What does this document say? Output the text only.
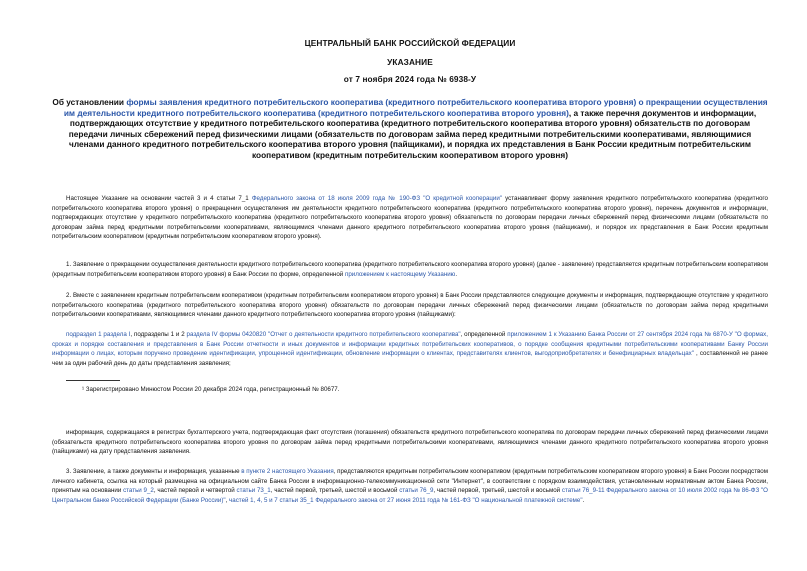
ЦЕНТРАЛЬНЫЙ БАНК РОССИЙСКОЙ ФЕДЕРАЦИИ
УКАЗАНИЕ
от 7 ноября 2024 года № 6938-У
Об установлении формы заявления кредитного потребительского кооператива (кредитного потребительского кооператива второго уровня) о прекращении осуществления им деятельности кредитного потребительского кооператива (кредитного потребительского кооператива второго уровня), а также перечня документов и информации, подтверждающих отсутствие у кредитного потребительского кооператива (кредитного потребительского кооператива второго уровня) обязательств по договорам передачи личных сбережений перед физическими лицами (обязательств по договорам займа перед кредитными потребительскими кооперативами, являющимися членами данного кредитного потребительского кооператива второго уровня (пайщиками), и порядка их представления в Банк России кредитным потребительским кооперативом (кредитным потребительским кооперативом второго уровня)
Настоящее Указание на основании частей 3 и 4 статьи 7_1 Федерального закона от 18 июля 2009 года № 190-ФЗ "О кредитной кооперации" устанавливает форму заявления кредитного потребительского кооператива (кредитного потребительского кооператива второго уровня) о прекращении осуществления им деятельности кредитного потребительского кооператива (кредитного потребительского кооператива второго уровня), перечень документов и информации, подтверждающих отсутствие у кредитного потребительского кооператива (кредитного потребительского кооператива второго уровня) обязательств по договорам передачи личных сбережений перед физическими лицами (обязательств по договорам займа перед кредитными потребительскими кооперативами, являющимися членами данного кредитного потребительского кооператива второго уровня (пайщиками), и порядок их представления в Банк России кредитным потребительским кооперативом (кредитным потребительским кооперативом второго уровня).
1. Заявление о прекращении осуществления деятельности кредитного потребительского кооператива (кредитного потребительского кооператива второго уровня) (далее - заявление) представляется кредитным потребительским кооперативом (кредитным потребительским кооперативом второго уровня) в Банк России по форме, определенной приложением к настоящему Указанию.
2. Вместе с заявлением кредитным потребительским кооперативом (кредитным потребительским кооперативом второго уровня) в Банк России представляются следующие документы и информация, подтверждающие отсутствие у кредитного потребительского кооператива (кредитного потребительского кооператива второго уровня) обязательств по договорам передачи личных сбережений перед физическими лицами (обязательств по договорам займа перед кредитными потребительскими кооперативами, являющимися членами данного кредитного потребительского кооператива второго уровня (пайщиками):
подраздел 1 раздела I, подразделы 1 и 2 раздела IV формы 0420820 "Отчет о деятельности кредитного потребительского кооператива", определенной приложением 1 к Указанию Банка России от 27 сентября 2024 года № 6870-У "О формах, сроках и порядке составления и представления в Банк России отчетности и иных документов и информации кредитных потребительских кооперативов, о порядке сообщения кредитными потребительскими кооперативами Банку России информации о лицах, которым поручено проведение идентификации, упрощенной идентификации, обновление информации о клиентах, представителях клиентов, выгодоприобретателях и бенефициарных владельцах" , составленной не ранее чем за один рабочий день до даты представления заявления;
¹ Зарегистрировано Минюстом России 20 декабря 2024 года, регистрационный № 80677.
информация, содержащаяся в регистрах бухгалтерского учета, подтверждающая факт отсутствия (погашения) обязательств кредитного потребительского кооператива по договорам передачи личных сбережений перед физическими лицами (обязательств кредитного потребительского кооператива второго уровня по договорам займа перед кредитными потребительскими кооперативами, являющимися членами данного кредитного потребительского кооператива второго уровня (пайщиками) на дату представления заявления.
3. Заявление, а также документы и информация, указанные в пункте 2 настоящего Указания, представляются кредитным потребительским кооперативом (кредитным потребительским кооперативом второго уровня) в Банк России посредством личного кабинета, ссылка на который размещена на официальном сайте Банка России в информационно-телекоммуникационной сети "Интернет", в соответствии с порядком взаимодействия, установленным нормативным актом Банка России, принятым на основании статьи 9_2, частей первой и четвертой статьи 73_1, частей первой, третьей, шестой и восьмой статьи 76_9, частей первой, третьей, шестой и восьмой статьи 76_9-11 Федерального закона от 10 июля 2002 года № 86-ФЗ "О Центральном банке Российской Федерации (Банке России)", частей 1, 4, 5 и 7 статьи 35_1 Федерального закона от 27 июня 2011 года № 161-ФЗ "О национальной платежной системе".
